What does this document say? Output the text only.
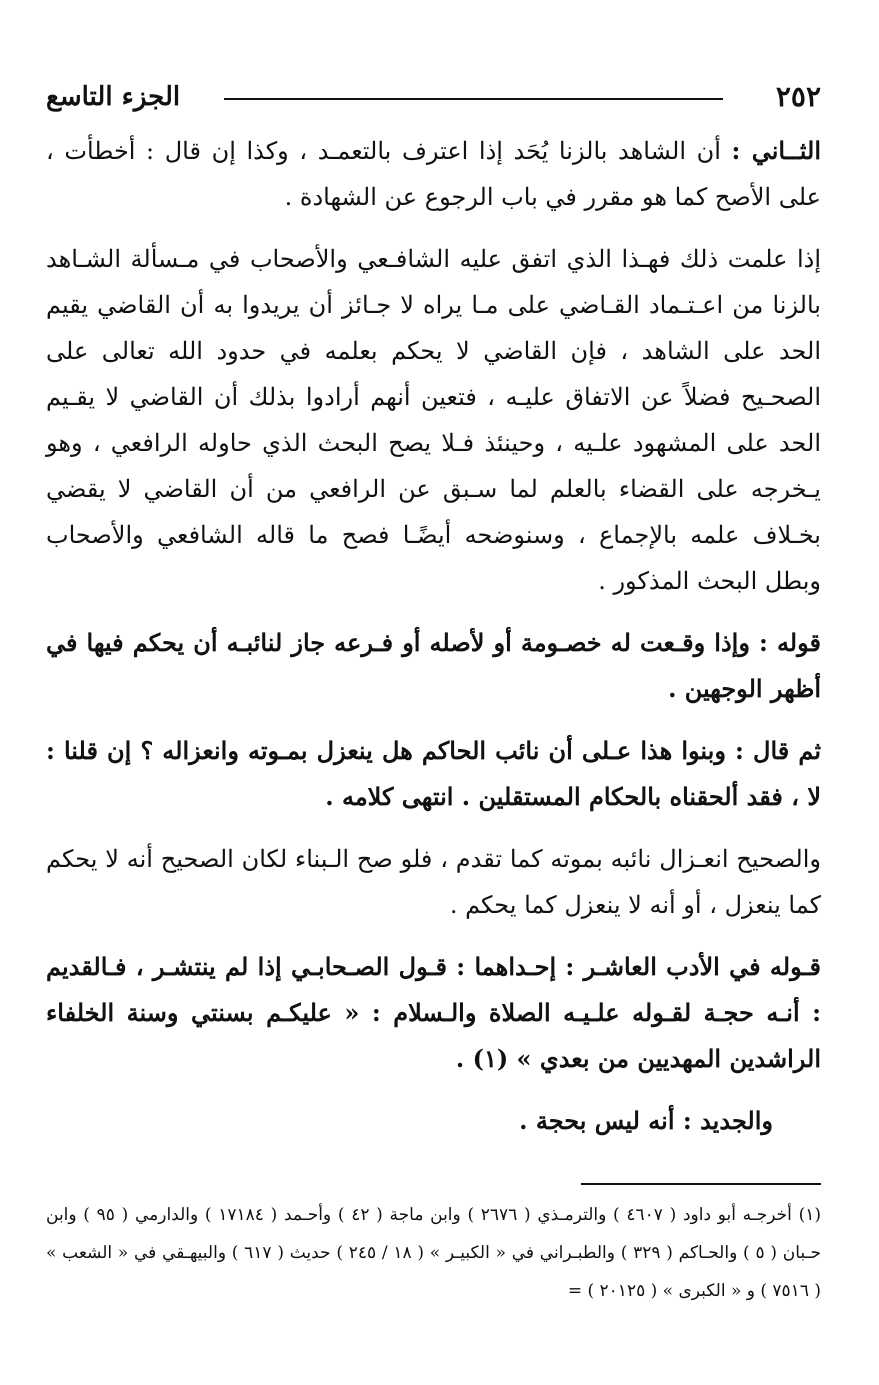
٢٥٢
الجزء التاسع

الثــاني : أن الشاهد بالزنا يُحَد إذا اعترف بالتعمـد ، وكذا إن قال : أخطأت ، على الأصح كما هو مقرر في باب الرجوع عن الشهادة .

إذا علمت ذلك فهـذا الذي اتفق عليه الشافـعي والأصحاب في مـسألة الشـاهد بالزنا من اعـتـماد القـاضي على مـا يراه لا جـائز أن يريدوا به أن القاضي يقيم الحد على الشاهد ، فإن القاضي لا يحكم بعلمه في حدود الله تعالى على الصحـيح فضلاً عن الاتفاق عليـه ، فتعين أنهم أرادوا بذلك أن القاضي لا يقـيم الحد على المشهود علـيه ، وحينئذ فـلا يصح البحث الذي حاوله الرافعي ، وهو يـخرجه على القضاء بالعلم لما سـبق عن الرافعي من أن القاضي لا يقضي بخـلاف علمه بالإجماع ، وسنوضحه أيضًـا فصح ما قاله الشافعي والأصحاب وبطل البحث المذكور .

قوله : وإذا وقـعت له خصـومة أو لأصله أو فـرعه جاز لنائبـه أن يحكم فيها في أظهر الوجهين .

ثم قال : وبنوا هذا عـلى أن نائب الحاكم هل ينعزل بمـوته وانعزاله ؟ إن قلنا : لا ، فقد ألحقناه بالحكام المستقلين . انتهى كلامه .

والصحيح انعـزال نائبه بموته كما تقدم ، فلو صح الـبناء لكان الصحيح أنه لا يحكم كما ينعزل ، أو أنه لا ينعزل كما يحكم .

قـوله في الأدب العاشـر : إحـداهما : قـول الصـحابـي إذا لم ينتشـر ، فـالقديم : أنـه حجـة لقـوله علـيـه الصلاة والـسلام : « عليكـم بسنتي وسنة الخلفاء الراشدين المهديين من بعدي » (١) .

والجديد : أنه ليس بحجة .

(١) أخرجـه أبو داود ( ٤٦٠٧ ) والترمـذي ( ٢٦٧٦ ) وابن ماجة ( ٤٢ ) وأحـمد ( ١٧١٨٤ ) والدارمي ( ٩٥ ) وابن حـبان ( ٥ ) والحـاكم ( ٣٢٩ ) والطبـراني في « الكبيـر » ( ١٨ / ٢٤٥ ) حديث ( ٦١٧ ) والبيهـقي في « الشعب » ( ٧٥١٦ ) و « الكبرى » ( ٢٠١٢٥ ) =
